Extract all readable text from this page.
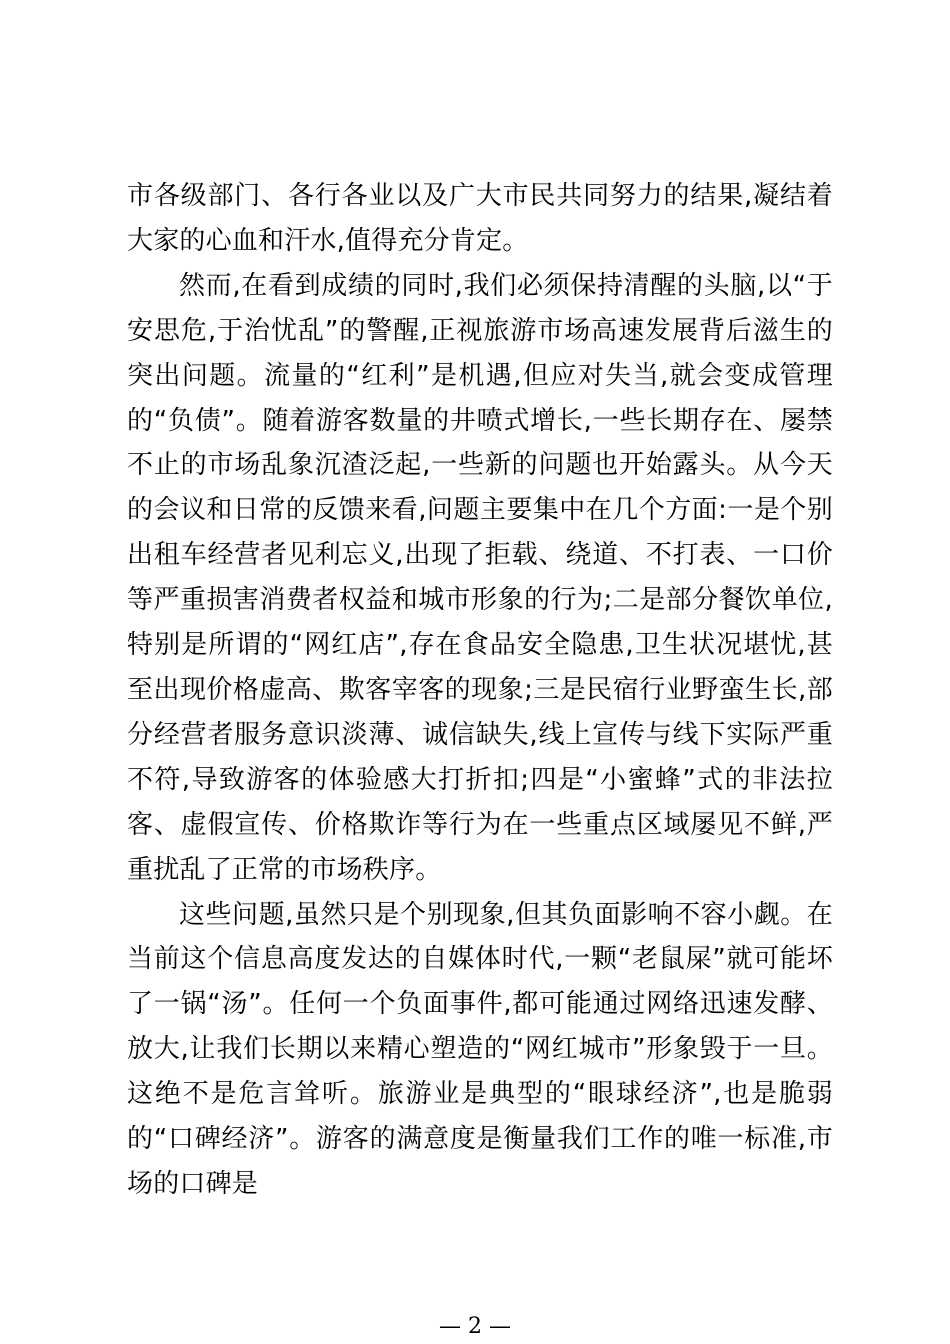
市各级部门、各行各业以及广大市民共同努力的结果,凝结着大家的心血和汗水,值得充分肯定。

然而,在看到成绩的同时,我们必须保持清醒的头脑,以“于安思危,于治忧乱”的警醒,正视旅游市场高速发展背后滋生的突出问题。流量的“红利”是机遇,但应对失当,就会变成管理的“负债”。随着游客数量的井喷式增长,一些长期存在、屡禁不止的市场乱象沉渣泛起,一些新的问题也开始露头。从今天的会议和日常的反馈来看,问题主要集中在几个方面:一是个别出租车经营者见利忘义,出现了拒载、绕道、不打表、一口价等严重损害消费者权益和城市形象的行为;二是部分餐饮单位,特别是所谓的“网红店”,存在食品安全隐患,卫生状况堪忧,甚至出现价格虚高、欺客宰客的现象;三是民宿行业野蛮生长,部分经营者服务意识淡薄、诚信缺失,线上宣传与线下实际严重不符,导致游客的体验感大打折扣;四是“小蜜蜂”式的非法拉客、虚假宣传、价格欺诈等行为在一些重点区域屡见不鲜,严重扰乱了正常的市场秩序。

这些问题,虽然只是个别现象,但其负面影响不容小觑。在当前这个信息高度发达的自媒体时代,一颗“老鼠屎”就可能坏了一锅“汤”。任何一个负面事件,都可能通过网络迅速发酵、放大,让我们长期以来精心塑造的“网红城市”形象毁于一旦。这绝不是危言耸听。旅游业是典型的“眼球经济”,也是脆弱的“口碑经济”。游客的满意度是衡量我们工作的唯一标准,市场的口碑是

— 2 —
